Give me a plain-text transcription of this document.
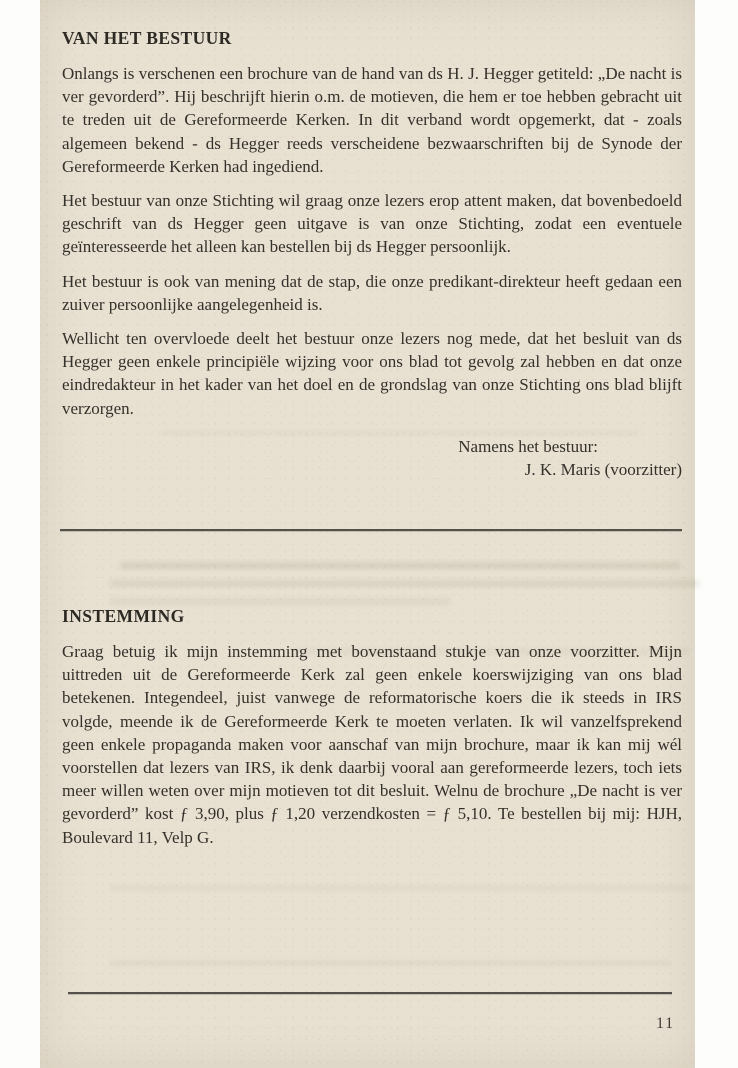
VAN HET BESTUUR

Onlangs is verschenen een brochure van de hand van ds H. J. Hegger getiteld: „De nacht is ver gevorderd”. Hij beschrijft hierin o.m. de motieven, die hem er toe hebben gebracht uit te treden uit de Gereformeerde Kerken. In dit verband wordt opgemerkt, dat - zoals algemeen bekend - ds Hegger reeds verscheidene bezwaarschriften bij de Synode der Gereformeerde Kerken had ingediend.

Het bestuur van onze Stichting wil graag onze lezers erop attent maken, dat bovenbedoeld geschrift van ds Hegger geen uitgave is van onze Stichting, zodat een eventuele geïnteresseerde het alleen kan bestellen bij ds Hegger persoonlijk.

Het bestuur is ook van mening dat de stap, die onze predikant-direkteur heeft gedaan een zuiver persoonlijke aangelegenheid is.

Wellicht ten overvloede deelt het bestuur onze lezers nog mede, dat het besluit van ds Hegger geen enkele principiële wijzing voor ons blad tot gevolg zal hebben en dat onze eindredakteur in het kader van het doel en de grondslag van onze Stichting ons blad blijft verzorgen.

Namens het bestuur:
J. K. Maris (voorzitter)
INSTEMMING

Graag betuig ik mijn instemming met bovenstaand stukje van onze voorzitter. Mijn uittreden uit de Gereformeerde Kerk zal geen enkele koerswijziging van ons blad betekenen. Integendeel, juist vanwege de reformatorische koers die ik steeds in IRS volgde, meende ik de Gereformeerde Kerk te moeten verlaten. Ik wil vanzelfsprekend geen enkele propaganda maken voor aanschaf van mijn brochure, maar ik kan mij wél voorstellen dat lezers van IRS, ik denk daarbij vooral aan gereformeerde lezers, toch iets meer willen weten over mijn motieven tot dit besluit. Welnu de brochure „De nacht is ver gevorderd” kost ƒ 3,90, plus ƒ 1,20 verzendkosten = ƒ 5,10. Te bestellen bij mij: HJH, Boulevard 11, Velp G.

11
